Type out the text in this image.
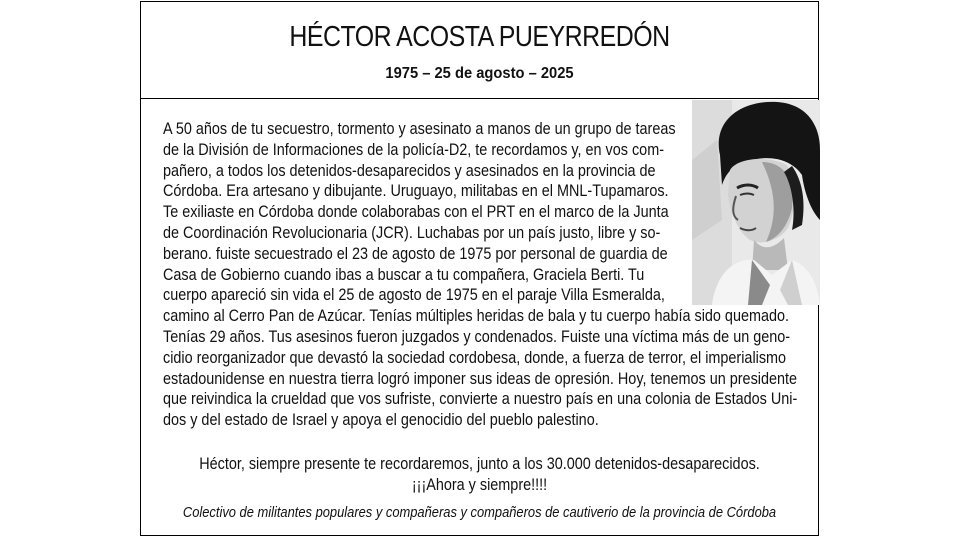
HÉCTOR ACOSTA PUEYRREDÓN
1975 – 25 de agosto – 2025
A 50 años de tu secuestro, tormento y asesinato a manos de un grupo de tareas
de la División de Informaciones de la policía-D2, te recordamos y, en vos com-
pañero, a todos los detenidos-desaparecidos y asesinados en la provincia de
Córdoba. Era artesano y dibujante. Uruguayo, militabas en el MNL-Tupamaros.
Te exiliaste en Córdoba donde colaborabas con el PRT en el marco de la Junta
de Coordinación Revolucionaria (JCR). Luchabas por un país justo, libre y so-
berano. fuiste secuestrado el 23 de agosto de 1975 por personal de guardia de
Casa de Gobierno cuando ibas a buscar a tu compañera, Graciela Berti. Tu
cuerpo apareció sin vida el 25 de agosto de 1975 en el paraje Villa Esmeralda,
camino al Cerro Pan de Azúcar. Tenías múltiples heridas de bala y tu cuerpo había sido quemado.
Tenías 29 años. Tus asesinos fueron juzgados y condenados. Fuiste una víctima más de un geno-
cidio reorganizador que devastó la sociedad cordobesa, donde, a fuerza de terror, el imperialismo
estadounidense en nuestra tierra logró imponer sus ideas de opresión. Hoy, tenemos un presidente
que reivindica la crueldad que vos sufriste, convierte a nuestro país en una colonia de Estados Uni-
dos y del estado de Israel y apoya el genocidio del pueblo palestino.
Héctor, siempre presente te recordaremos, junto a los 30.000 detenidos-desaparecidos.
¡¡¡Ahora y siempre!!!!
Colectivo de militantes populares y compañeras y compañeros de cautiverio de la provincia de Córdoba
